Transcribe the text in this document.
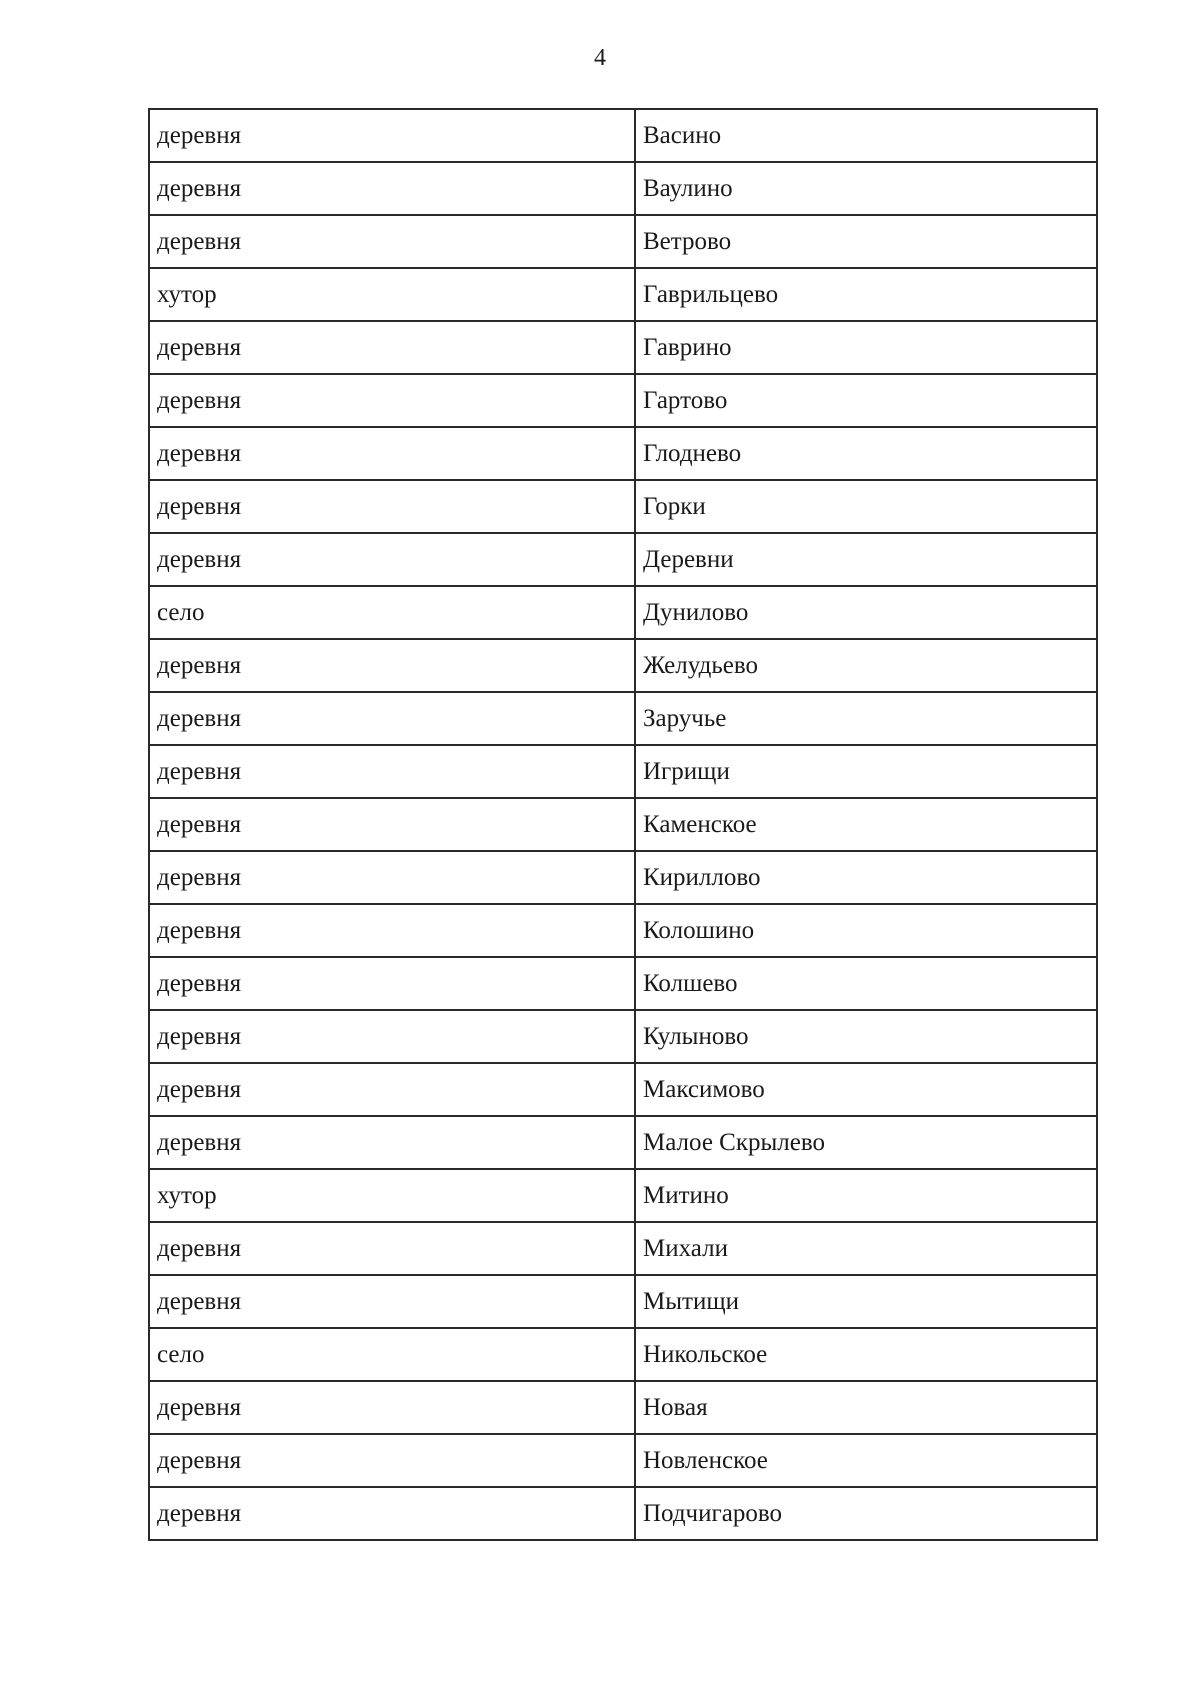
4
деревня	Васино
деревня	Ваулино
деревня	Ветрово
хутор	Гаврильцево
деревня	Гаврино
деревня	Гартово
деревня	Глоднево
деревня	Горки
деревня	Деревни
село	Дунилово
деревня	Желудьево
деревня	Заручье
деревня	Игрищи
деревня	Каменское
деревня	Кириллово
деревня	Колошино
деревня	Колшево
деревня	Кулыново
деревня	Максимово
деревня	Малое Скрылево
хутор	Митино
деревня	Михали
деревня	Мытищи
село	Никольское
деревня	Новая
деревня	Новленское
деревня	Подчигарово
